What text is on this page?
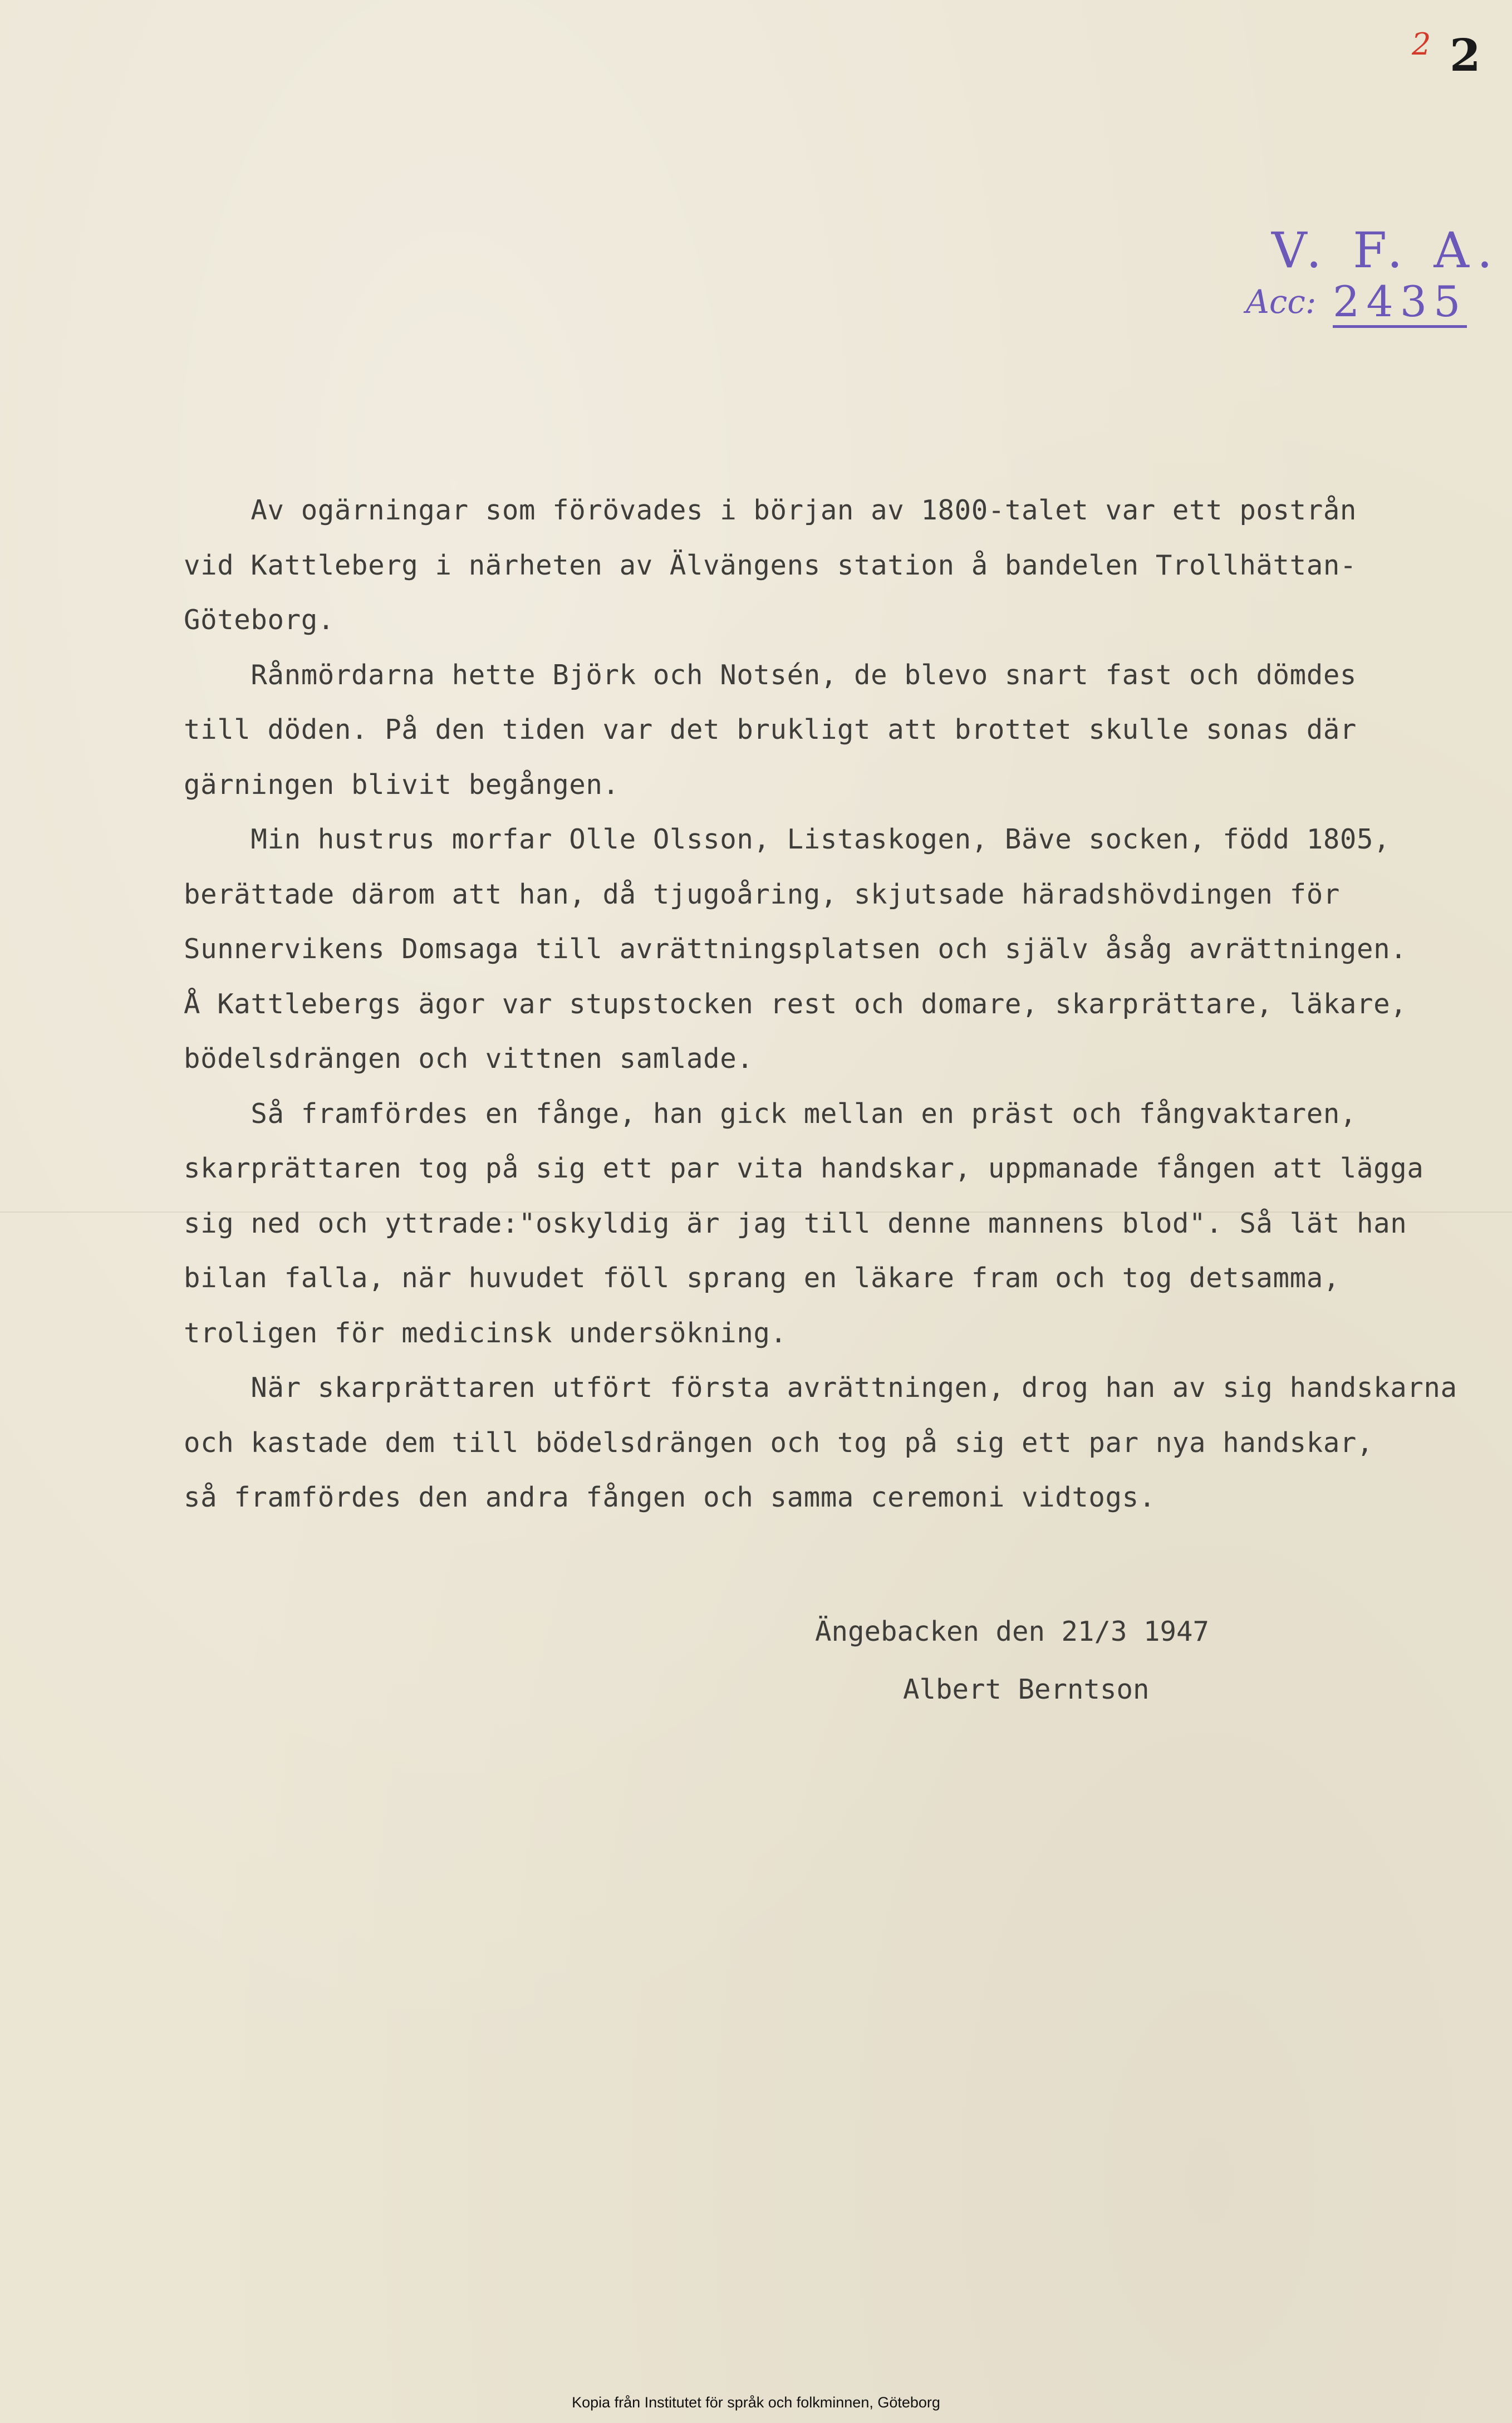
2 2
V. F. A.
Acc: 2435
Av ogärningar som förövades i början av 1800-talet var ett postrån
vid Kattleberg i närheten av Älvängens station å bandelen Trollhättan-
Göteborg.
Rånmördarna hette Björk och Notsén, de blevo snart fast och dömdes
till döden. På den tiden var det brukligt att brottet skulle sonas där
gärningen blivit begången.
Min hustrus morfar Olle Olsson, Listaskogen, Bäve socken, född 1805,
berättade därom att han, då tjugoåring, skjutsade häradshövdingen för
Sunnervikens Domsaga till avrättningsplatsen och själv åsåg avrättningen.
Å Kattlebergs ägor var stupstocken rest och domare, skarprättare, läkare,
bödelsdrängen och vittnen samlade.
Så framfördes en fånge, han gick mellan en präst och fångvaktaren,
skarprättaren tog på sig ett par vita handskar, uppmanade fången att lägga
sig ned och yttrade:"oskyldig är jag till denne mannens blod". Så lät han
bilan falla, när huvudet föll sprang en läkare fram och tog detsamma,
troligen för medicinsk undersökning.
När skarprättaren utfört första avrättningen, drog han av sig handskarna
och kastade dem till bödelsdrängen och tog på sig ett par nya handskar,
så framfördes den andra fången och samma ceremoni vidtogs.
Ängebacken den 21/3 1947
Albert Berntson
Kopia från Institutet för språk och folkminnen, Göteborg
